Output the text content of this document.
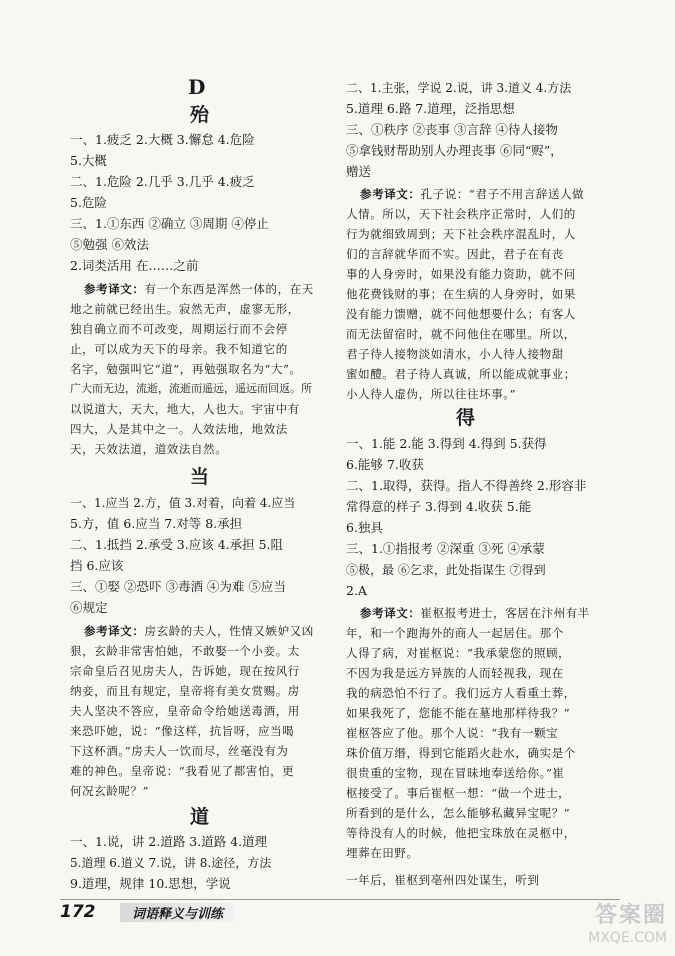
D
殆
一、1.疲乏 2.大概 3.懈怠 4.危险
5.大概
二、1.危险 2.几乎 3.几乎 4.疲乏
5.危险
三、1.①东西 ②确立 ③周期 ④停止
⑤勉强 ⑥效法
2.词类活用 在……之前
参考译文：有一个东西是浑然一体的，在天
地之前就已经出生。寂然无声，虚寥无形，
独自确立而不可改变，周期运行而不会停
止，可以成为天下的母亲。我不知道它的
名字，勉强叫它“道”，再勉强取名为“大”。
广大而无边，流逝，流逝而遥远，遥远而回返。所
以说道大，天大，地大，人也大。宇宙中有
四大，人是其中之一。人效法地，地效法
天，天效法道，道效法自然。
当
一、1.应当 2.方，值 3.对着，向着 4.应当
5.方，值 6.应当 7.对等 8.承担
二、1.抵挡 2.承受 3.应该 4.承担 5.阻
挡 6.应该
三、①娶 ②恐吓 ③毒酒 ④为难 ⑤应当
⑥规定
参考译文：房玄龄的夫人，性情又嫉妒又凶
狠，玄龄非常害怕她，不敢娶一个小妾。太
宗命皇后召见房夫人，告诉她，现在按风行
纳妾，而且有规定，皇帝将有美女赏赐。房
夫人坚决不答应，皇帝命令给她送毒酒，用
来恐吓她，说：“像这样，抗旨呀，应当喝
下这杯酒。”房夫人一饮而尽，丝毫没有为
难的神色。皇帝说：“我看见了都害怕，更
何况玄龄呢？”
道
一、1.说，讲 2.道路 3.道路 4.道理
5.道理 6.道义 7.说，讲 8.途径，方法
9.道理，规律 10.思想，学说
二、1.主张，学说 2.说，讲 3.道义 4.方法
5.道理 6.路 7.道理，泛指思想
三、①秩序 ②丧事 ③言辞 ④待人接物
⑤拿钱财帮助别人办理丧事 ⑥同“赆”，
赠送
参考译文：孔子说：“君子不用言辞送人做
人情。所以，天下社会秩序正常时，人们的
行为就细致周到；天下社会秩序混乱时，人
们的言辞就华而不实。因此，君子在有丧
事的人身旁时，如果没有能力资助，就不问
他花费钱财的事；在生病的人身旁时，如果
没有能力馈赠，就不问他想要什么；有客人
而无法留宿时，就不问他住在哪里。所以，
君子待人接物淡如清水，小人待人接物甜
蜜如醴。君子待人真诚，所以能成就事业；
小人待人虚伪，所以往往坏事。”
得
一、1.能 2.能 3.得到 4.得到 5.获得
6.能够 7.收获
二、1.取得，获得。指人不得善终 2.形容非
常得意的样子 3.得到 4.收获 5.能
6.独具
三、1.①指报考 ②深重 ③死 ④承蒙
⑤极，最 ⑥乞求，此处指谋生 ⑦得到
2.A
参考译文：崔枢报考进士，客居在汴州有半
年，和一个跑海外的商人一起居住。那个
人得了病，对崔枢说：“我承蒙您的照顾，
不因为我是远方异族的人而轻视我，现在
我的病恐怕不行了。我们远方人看重土葬，
如果我死了，您能不能在墓地那样待我？”
崔枢答应了他。那个人说：“我有一颗宝
珠价值万缗，得到它能蹈火赴水，确实是个
很贵重的宝物，现在冒昧地奉送给你。”崔
枢接受了。事后崔枢一想：“做一个进士，
所看到的是什么，怎么能够私藏异宝呢？”
等待没有人的时候，他把宝珠放在灵柩中，
埋葬在田野。
一年后，崔枢到亳州四处谋生，听到
172	词语释义与训练	答案圈
MXQE.COM
